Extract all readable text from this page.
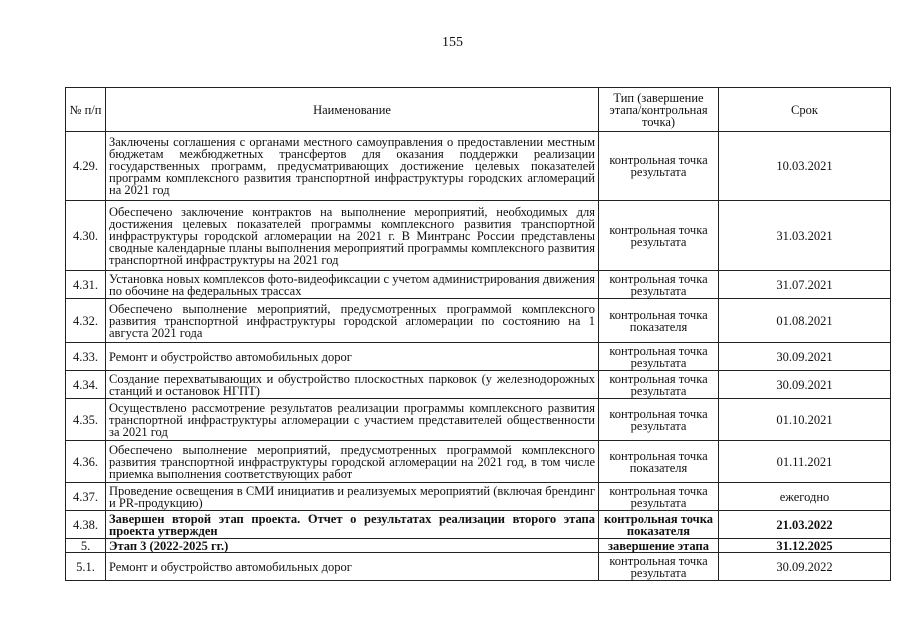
155
№ п/п	Наименование	Тип (завершение этапа/контрольная точка)	Срок
4.29.	Заключены соглашения с органами местного самоуправления о предоставлении местным бюджетам межбюджетных трансфертов для оказания поддержки реализации государственных программ, предусматривающих достижение целевых показателей программ комплексного развития транспортной инфраструктуры городских агломераций на 2021 год	контрольная точка результата	10.03.2021
4.30.	Обеспечено заключение контрактов на выполнение мероприятий, необходимых для достижения целевых показателей программы комплексного развития транспортной инфраструктуры городской агломерации на 2021 г. В Минтранс России представлены сводные календарные планы выполнения мероприятий программы комплексного развития транспортной инфраструктуры на 2021 год	контрольная точка результата	31.03.2021
4.31.	Установка новых комплексов фото-видеофиксации с учетом администрирования движения по обочине на федеральных трассах	контрольная точка результата	31.07.2021
4.32.	Обеспечено выполнение мероприятий, предусмотренных программой комплексного развития транспортной инфраструктуры городской агломерации по состоянию на 1 августа 2021 года	контрольная точка показателя	01.08.2021
4.33.	Ремонт и обустройство автомобильных дорог	контрольная точка результата	30.09.2021
4.34.	Создание перехватывающих и обустройство плоскостных парковок (у железнодорожных станций и остановок НГПТ)	контрольная точка результата	30.09.2021
4.35.	Осуществлено рассмотрение результатов реализации программы комплексного развития транспортной инфраструктуры агломерации с участием представителей общественности за 2021 год	контрольная точка результата	01.10.2021
4.36.	Обеспечено выполнение мероприятий, предусмотренных программой комплексного развития транспортной инфраструктуры городской агломерации на 2021 год, в том числе приемка выполнения соответствующих работ	контрольная точка показателя	01.11.2021
4.37.	Проведение освещения в СМИ инициатив и реализуемых мероприятий (включая брендинг и PR-продукцию)	контрольная точка результата	ежегодно
4.38.	Завершен второй этап проекта. Отчет о результатах реализации второго этапа проекта утвержден	контрольная точка показателя	21.03.2022
5.	Этап 3 (2022-2025 гг.)	завершение этапа	31.12.2025
5.1.	Ремонт и обустройство автомобильных дорог	контрольная точка результата	30.09.2022
